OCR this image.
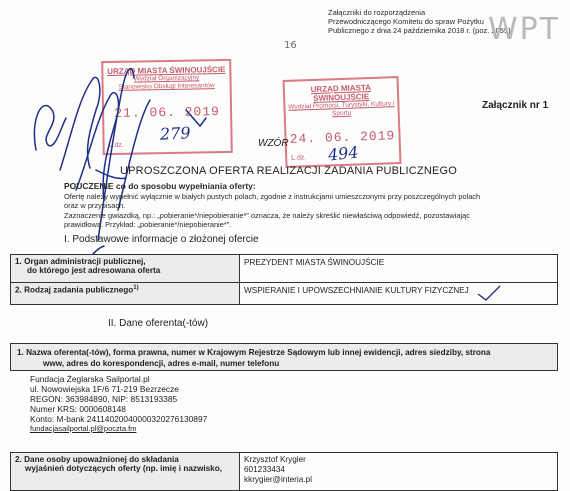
Załączniki do rozporządzenia
Przewodniczącego Komitetu do spraw Pożytku
Publicznego z dnia 24 października 2018 r. (poz. 2055)
WPT
16
Załącznik nr 1
URZĄD MIASTA ŚWINOUJŚCIE
Wydział Organizacyjny
Stanowisko Obsługi Interesantów
21. 06. 2019
L.dz.
URZĄD MIASTA ŚWINOUJŚCIE
Wydział Promocji, Turystyki, Kultury i Sportu
24. 06. 2019
L.dz.
WZÓR
279
494
UPROSZCZONA OFERTA REALIZACJI ZADANIA PUBLICZNEGO
POUCZENIE co do sposobu wypełniania oferty:
Ofertę należy wypełnić wyłącznie w białych pustych polach, zgodnie z instrukcjami umieszczonymi przy poszczególnych polach
oraz w przypisach.
Zaznaczenie gwiazdką, np.: „pobieranie*/niepobieranie*” oznacza, że należy skreślić niewłaściwą odpowiedź, pozostawiając
prawidłową. Przykład: „pobieranie*/niepobieranie*”.
I. Podstawowe informacje o złożonej ofercie
1. Organ administracji publicznej,
do którego jest adresowana oferta	PREZYDENT MIASTA ŚWINOUJŚCIE
2. Rodzaj zadania publicznego$^{1)}$	WSPIERANIE I UPOWSZECHNIANIE KULTURY FIZYCZNEJ
II. Dane oferenta(-tów)
1. Nazwa oferenta(-tów), forma prawna, numer w Krajowym Rejestrze Sądowym lub innej ewidencji, adres siedziby, strona
www, adres do korespondencji, adres e-mail, numer telefonu
Fundacja Żeglarska Sailportal.pl
ul. Nowowiejska 1F/6 71-219 Bezrzecze
REGON: 363984890, NIP: 8513193385
Numer KRS: 0000608148
Konto: M-bank 24114020040000320276130897
fundacjasailportal.pl@poczta.fm
2. Dane osoby upoważnionej do składania
wyjaśnień dotyczących oferty (np. imię i nazwisko,

Krzysztof Krygier
601233434
kkrygier@interia.pl
